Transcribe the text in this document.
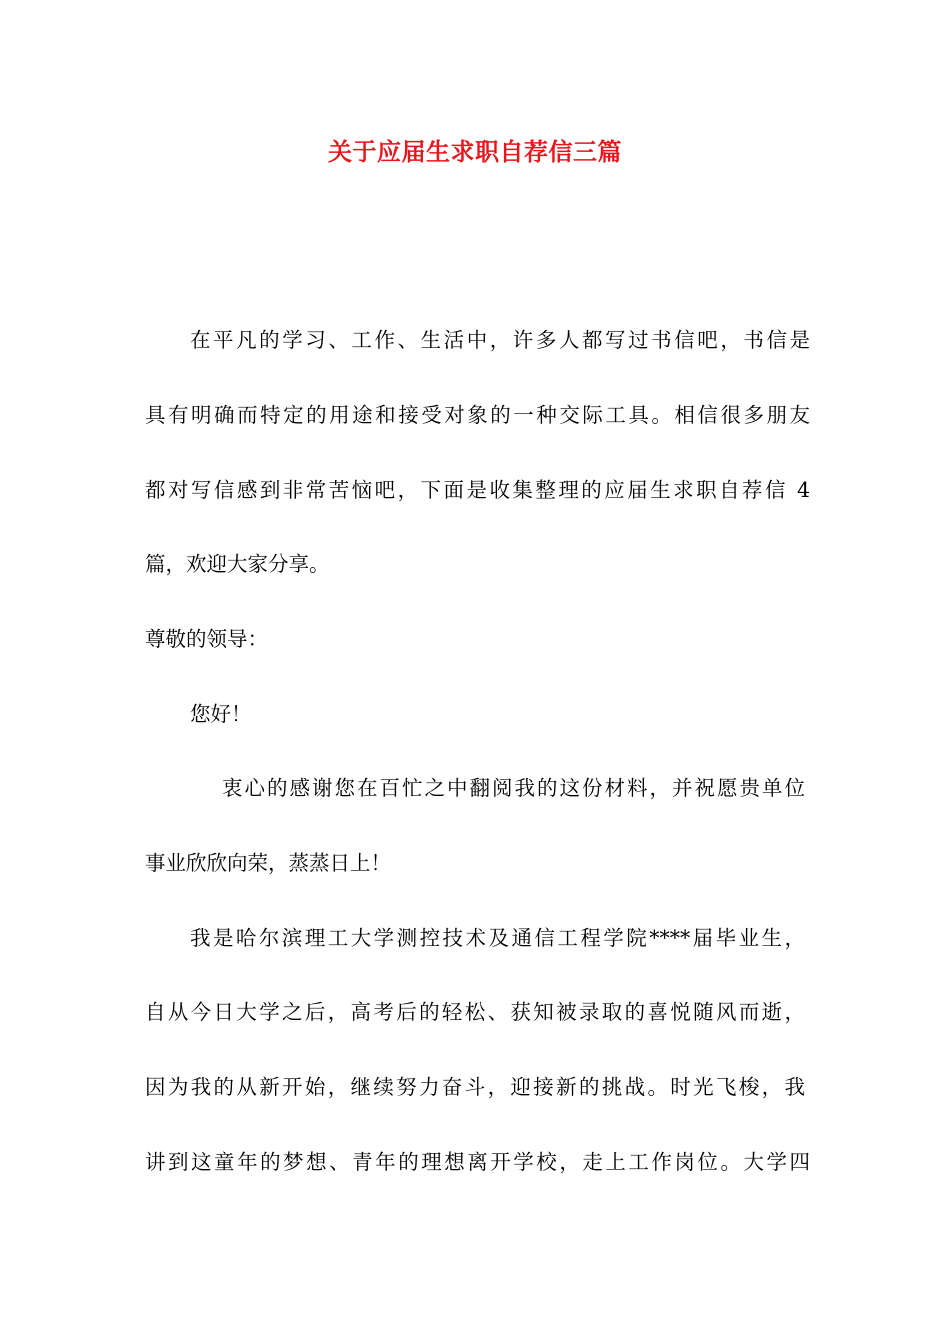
关于应届生求职自荐信三篇
在平凡的学习、工作、生活中，许多人都写过书信吧，书信是
具有明确而特定的用途和接受对象的一种交际工具。相信很多朋友
都对写信感到非常苦恼吧，下面是收集整理的应届生求职自荐信 4
篇，欢迎大家分享。
尊敬的领导：
您好！
衷心的感谢您在百忙之中翻阅我的这份材料，并祝愿贵单位
事业欣欣向荣，蒸蒸日上！
我是哈尔滨理工大学测控技术及通信工程学院****届毕业生，
自从今日大学之后，高考后的轻松、获知被录取的喜悦随风而逝，
因为我的从新开始，继续努力奋斗，迎接新的挑战。时光飞梭，我
讲到这童年的梦想、青年的理想离开学校，走上工作岗位。大学四
